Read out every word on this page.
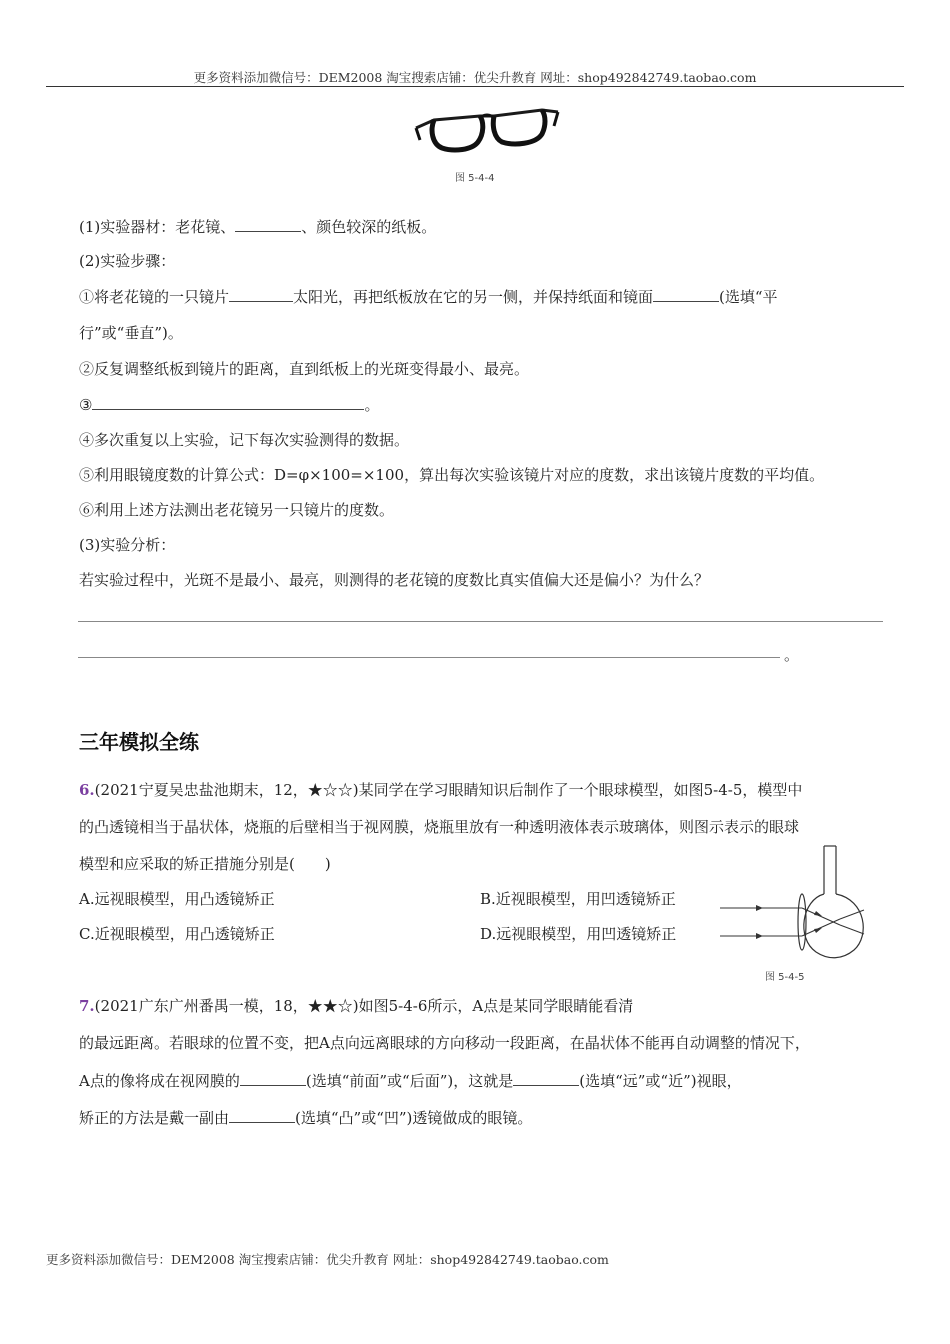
更多资料添加微信号：DEM2008 淘宝搜索店铺：优尖升教育 网址：shop492842749.taobao.com
图 5-4-4
(1)实验器材：老花镜、	、颜色较深的纸板。
(2)实验步骤：
①将老花镜的一只镜片	太阳光，再把纸板放在它的另一侧，并保持纸面和镜面	(选填“平
行”或“垂直”)。
②反复调整纸板到镜片的距离，直到纸板上的光斑变得最小、最亮。
③	。
④多次重复以上实验，记下每次实验测得的数据。
⑤利用眼镜度数的计算公式：D=φ×100=×100，算出每次实验该镜片对应的度数，求出该镜片度数的平均值。
⑥利用上述方法测出老花镜另一只镜片的度数。
(3)实验分析：
若实验过程中，光斑不是最小、最亮，则测得的老花镜的度数比真实值偏大还是偏小？为什么？
。
三年模拟全练
6.(2021宁夏吴忠盐池期末，12，★☆☆)某同学在学习眼睛知识后制作了一个眼球模型，如图5-4-5，模型中
的凸透镜相当于晶状体，烧瓶的后壁相当于视网膜，烧瓶里放有一种透明液体表示玻璃体，则图示表示的眼球
模型和应采取的矫正措施分别是(　　)
A.远视眼模型，用凸透镜矫正	B.近视眼模型，用凹透镜矫正
C.近视眼模型，用凸透镜矫正	D.远视眼模型，用凹透镜矫正
图 5-4-5
7.(2021广东广州番禺一模，18，★★☆)如图5-4-6所示，A点是某同学眼睛能看清
的最远距离。若眼球的位置不变，把A点向远离眼球的方向移动一段距离，在晶状体不能再自动调整的情况下，
A点的像将成在视网膜的	(选填“前面”或“后面”)，这就是	(选填“远”或“近”)视眼，
矫正的方法是戴一副由	(选填“凸”或“凹”)透镜做成的眼镜。
更多资料添加微信号：DEM2008 淘宝搜索店铺：优尖升教育 网址：shop492842749.taobao.com
